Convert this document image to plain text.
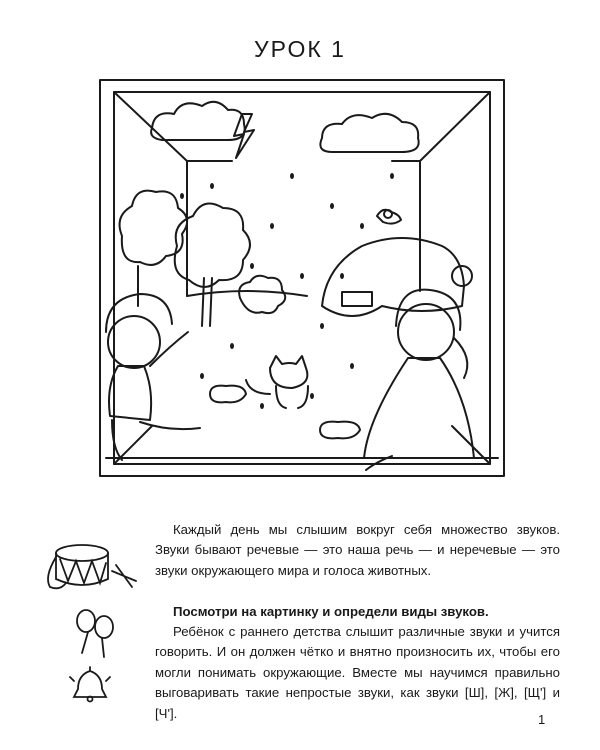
УРОК 1

Каждый день мы слышим вокруг себя множество звуков. Звуки бывают речевые — это наша речь — и неречевые — это звуки окружающего мира и голоса животных.

Посмотри на картинку и определи виды звуков.

Ребёнок с раннего детства слышит различные звуки и учится говорить. И он должен чётко и внятно произносить их, чтобы его могли понимать окружающие. Вместе мы научимся правильно выговаривать такие непростые звуки, как звуки [Ш], [Ж], [Щ'] и [Ч'].	1
